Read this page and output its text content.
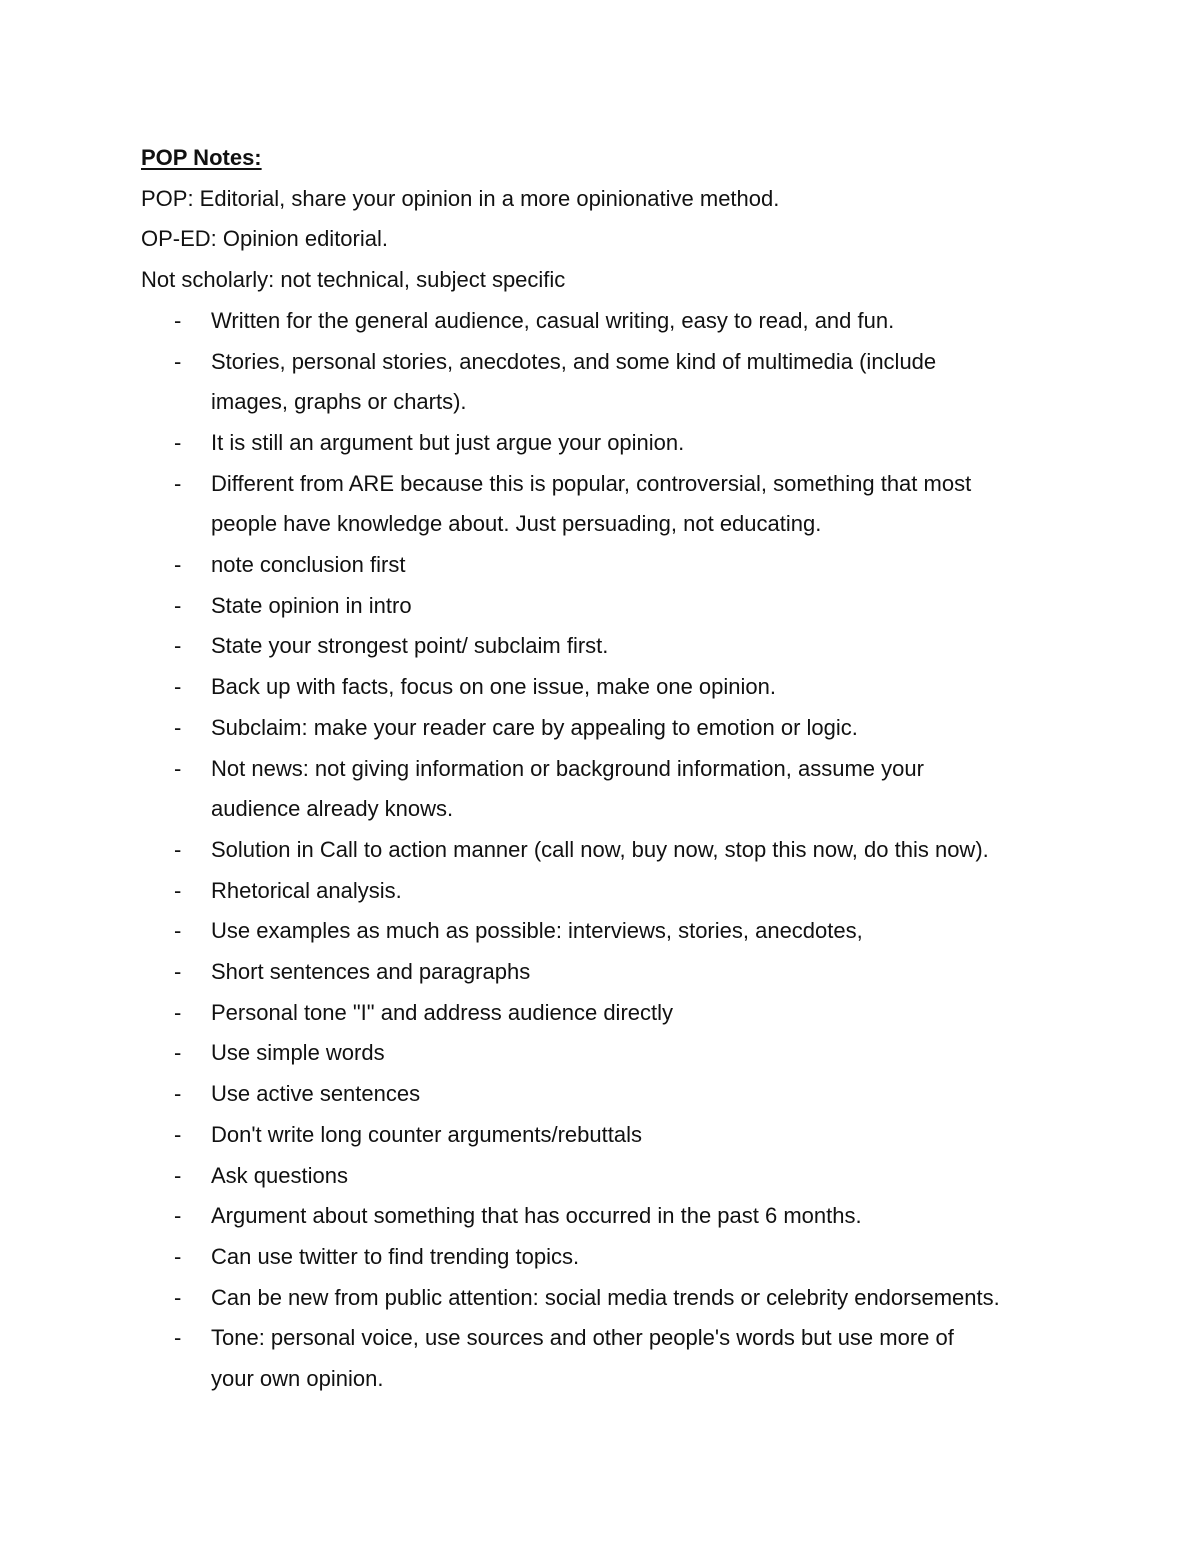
POP Notes:

POP: Editorial, share your opinion in a more opinionative method.

OP-ED: Opinion editorial.

Not scholarly: not technical, subject specific

- Written for the general audience, casual writing, easy to read, and fun.
- Stories, personal stories, anecdotes, and some kind of multimedia (include
images, graphs or charts).
- It is still an argument but just argue your opinion.
- Different from ARE because this is popular, controversial, something that most
people have knowledge about. Just persuading, not educating.
- note conclusion first
- State opinion in intro
- State your strongest point/ subclaim first.
- Back up with facts, focus on one issue, make one opinion.
- Subclaim: make your reader care by appealing to emotion or logic.
- Not news: not giving information or background information, assume your
audience already knows.
- Solution in Call to action manner (call now, buy now, stop this now, do this now).
- Rhetorical analysis.
- Use examples as much as possible: interviews, stories, anecdotes,
- Short sentences and paragraphs
- Personal tone "I" and address audience directly
- Use simple words
- Use active sentences
- Don't write long counter arguments/rebuttals
- Ask questions
- Argument about something that has occurred in the past 6 months.
- Can use twitter to find trending topics.
- Can be new from public attention: social media trends or celebrity endorsements.
- Tone: personal voice, use sources and other people's words but use more of
your own opinion.
